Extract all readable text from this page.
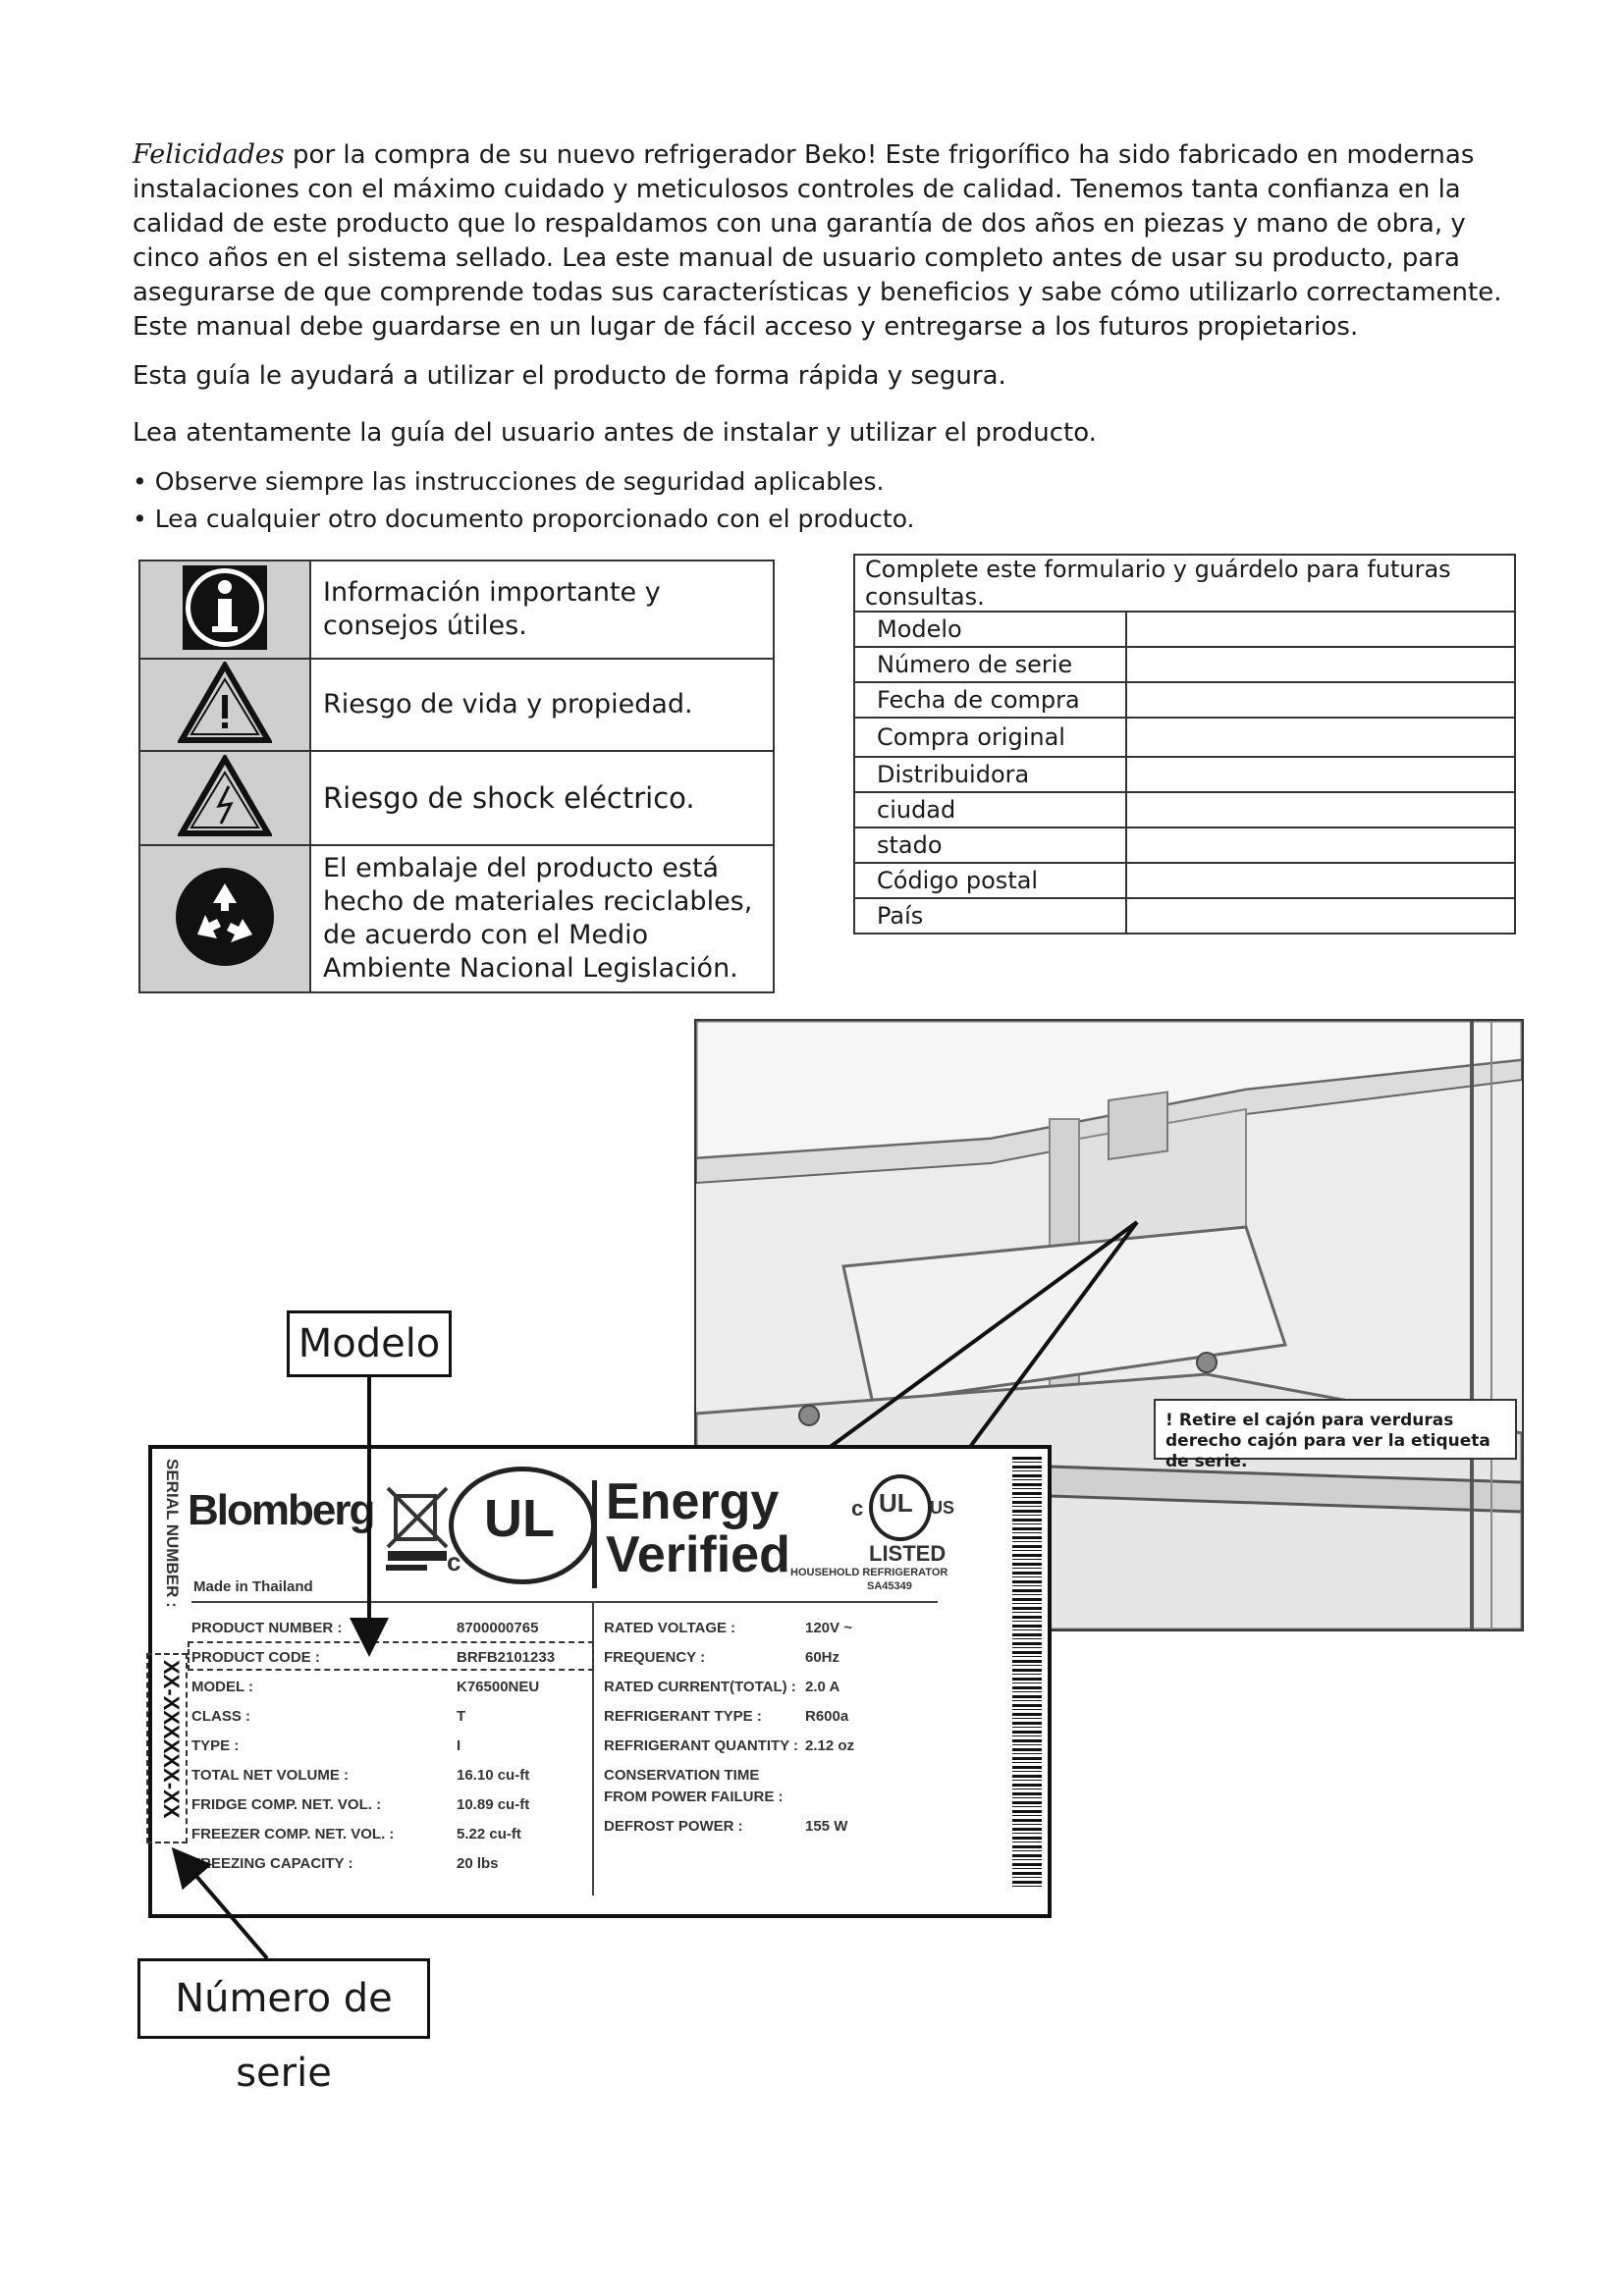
Felicidades por la compra de su nuevo refrigerador Beko! Este frigorífico ha sido fabricado en modernas instalaciones con el máximo cuidado y meticulosos controles de calidad. Tenemos tanta confianza en la calidad de este producto que lo respaldamos con una garantía de dos años en piezas y mano de obra, y cinco años en el sistema sellado. Lea este manual de usuario completo antes de usar su producto, para asegurarse de que comprende todas sus características y beneficios y sabe cómo utilizarlo correctamente. Este manual debe guardarse en un lugar de fácil acceso y entregarse a los futuros propietarios.

Esta guía le ayudará a utilizar el producto de forma rápida y segura.

Lea atentamente la guía del usuario antes de instalar y utilizar el producto.

• Observe siempre las instrucciones de seguridad aplicables.
• Lea cualquier otro documento proporcionado con el producto.
	Información importante y consejos útiles.
	Riesgo de vida y propiedad.
	Riesgo de shock eléctrico.
	El embalaje del producto está hecho de materiales reciclables, de acuerdo con el Medio Ambiente Nacional Legislación.
Complete este formulario y guárdelo para futuras consultas.	
Modelo	
Número de serie	
Fecha de compra	
Compra original	
Distribuidora	
ciudad	
stado	
Código postal	
País	
! Retire el cajón para verduras derecho cajón para ver la etiqueta de serie.
SERIAL NUMBER :
XX-XXXXXX-XX
Blomberg
Made in Thailand
UL
c
Energy
Verified
c UL US
LISTED
HOUSEHOLD REFRIGERATOR
SA45349
PRODUCT NUMBER :	8700000765
PRODUCT CODE :	BRFB2101233
MODEL :	K76500NEU
CLASS :	T
TYPE :	I
TOTAL NET VOLUME :	16.10 cu-ft
FRIDGE COMP. NET. VOL. :	10.89 cu-ft
FREEZER COMP. NET. VOL. :	5.22 cu-ft
FREEZING CAPACITY :	20 lbs
RATED VOLTAGE :	120V ~
FREQUENCY :	60Hz
RATED CURRENT(TOTAL) : 2.0 A
REFRIGERANT TYPE :	R600a
REFRIGERANT QUANTITY : 2.12 oz
CONSERVATION TIME FROM POWER FAILURE :
DEFROST POWER :	155 W
Modelo
Número de serie
